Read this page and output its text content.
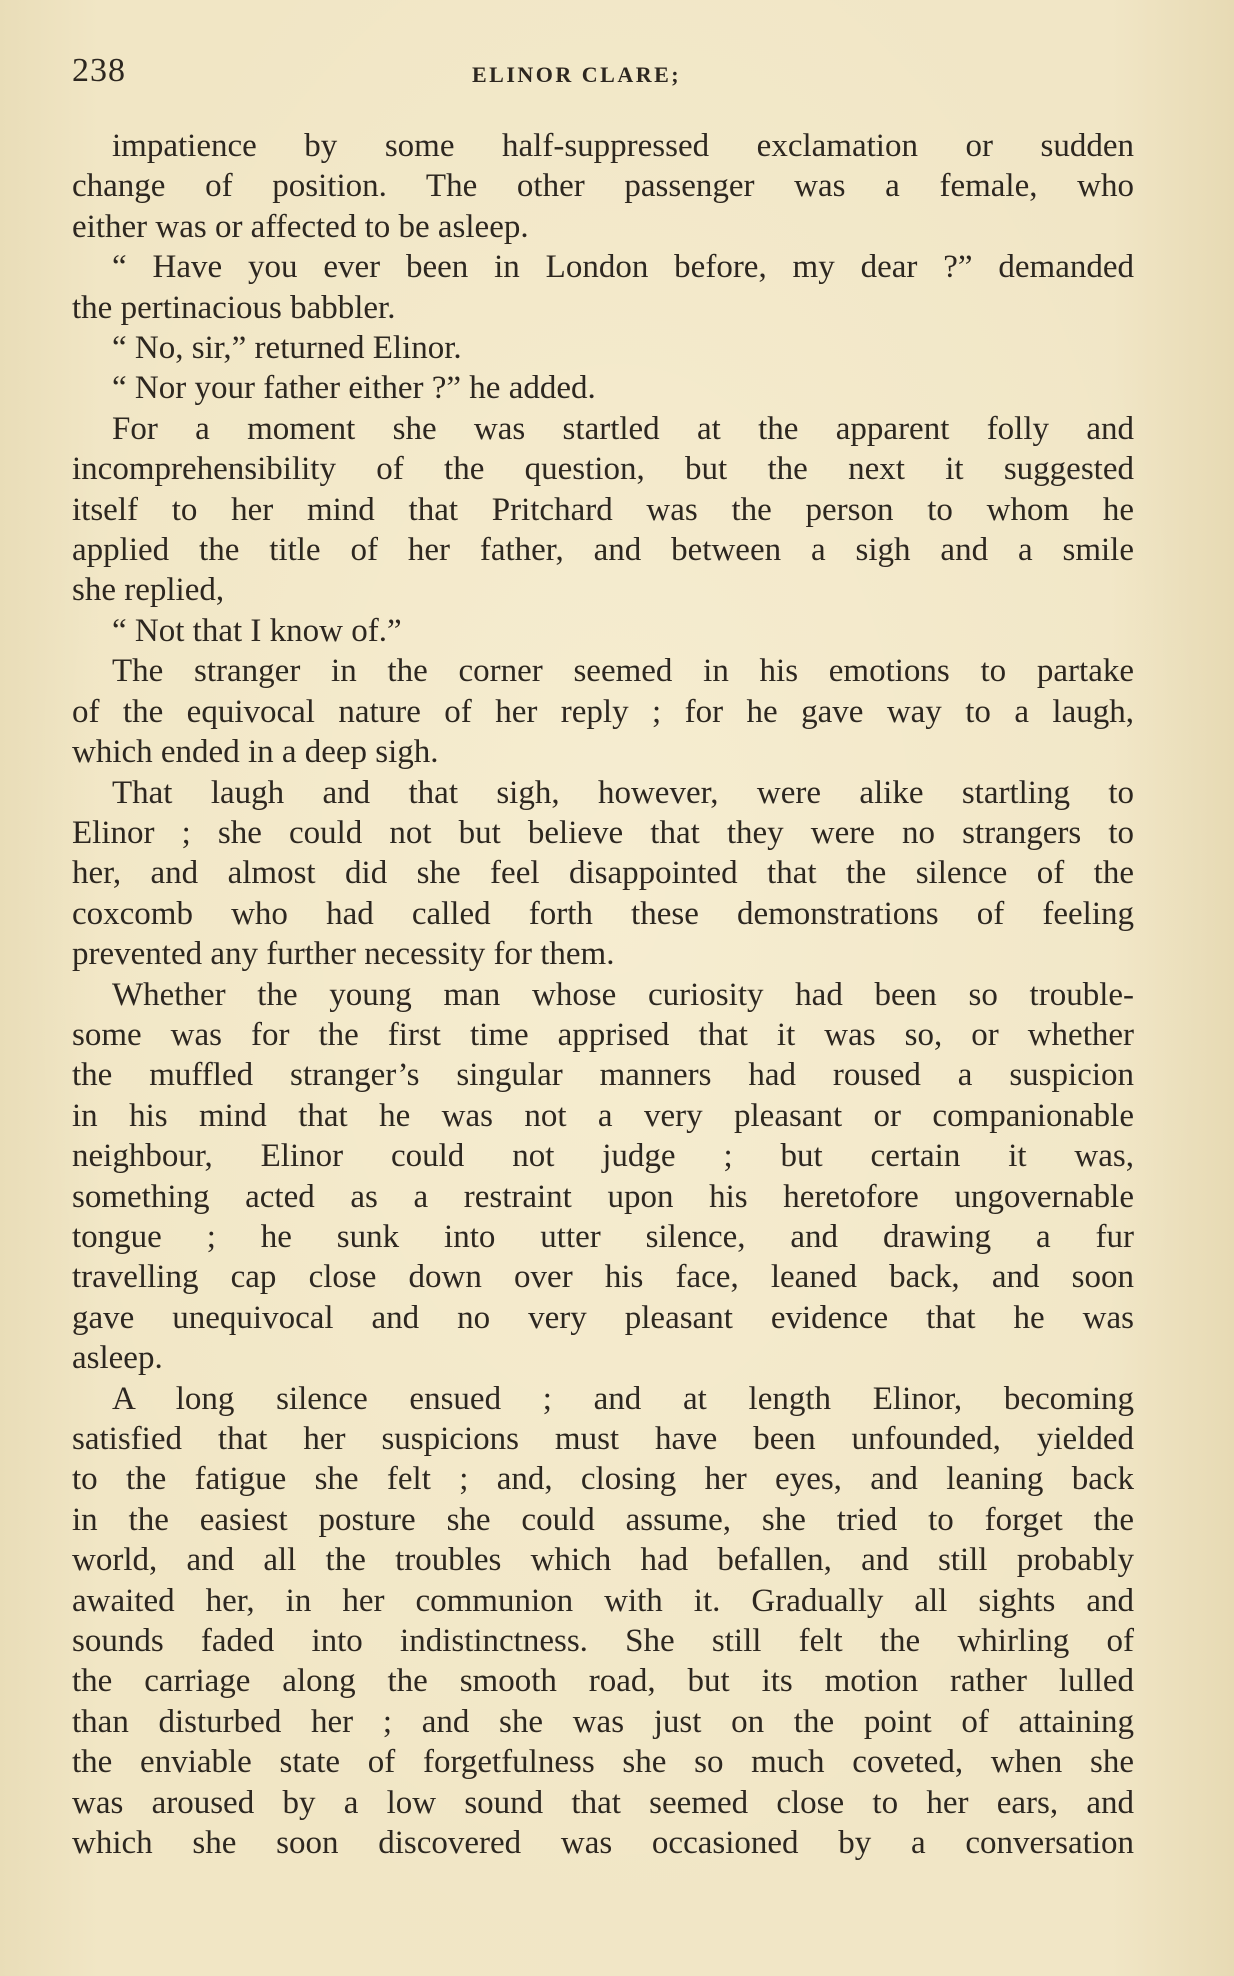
238	ELINOR CLARE;
impatience by some half-suppressed exclamation or sudden
change of position. The other passenger was a female, who
either was or affected to be asleep.
“ Have you ever been in London before, my dear ?” demanded
the pertinacious babbler.
“ No, sir,” returned Elinor.
“ Nor your father either ?” he added.
For a moment she was startled at the apparent folly and
incomprehensibility of the question, but the next it suggested
itself to her mind that Pritchard was the person to whom he
applied the title of her father, and between a sigh and a smile
she replied,
“ Not that I know of.”
The stranger in the corner seemed in his emotions to partake
of the equivocal nature of her reply ; for he gave way to a laugh,
which ended in a deep sigh.
That laugh and that sigh, however, were alike startling to
Elinor ; she could not but believe that they were no strangers to
her, and almost did she feel disappointed that the silence of the
coxcomb who had called forth these demonstrations of feeling
prevented any further necessity for them.
Whether the young man whose curiosity had been so trouble-
some was for the first time apprised that it was so, or whether
the muffled stranger’s singular manners had roused a suspicion
in his mind that he was not a very pleasant or companionable
neighbour, Elinor could not judge ; but certain it was,
something acted as a restraint upon his heretofore ungovernable
tongue ; he sunk into utter silence, and drawing a fur
travelling cap close down over his face, leaned back, and soon
gave unequivocal and no very pleasant evidence that he was
asleep.
A long silence ensued ; and at length Elinor, becoming
satisfied that her suspicions must have been unfounded, yielded
to the fatigue she felt ; and, closing her eyes, and leaning back
in the easiest posture she could assume, she tried to forget the
world, and all the troubles which had befallen, and still probably
awaited her, in her communion with it. Gradually all sights and
sounds faded into indistinctness. She still felt the whirling of
the carriage along the smooth road, but its motion rather lulled
than disturbed her ; and she was just on the point of attaining
the enviable state of forgetfulness she so much coveted, when she
was aroused by a low sound that seemed close to her ears, and
which she soon discovered was occasioned by a conversation
